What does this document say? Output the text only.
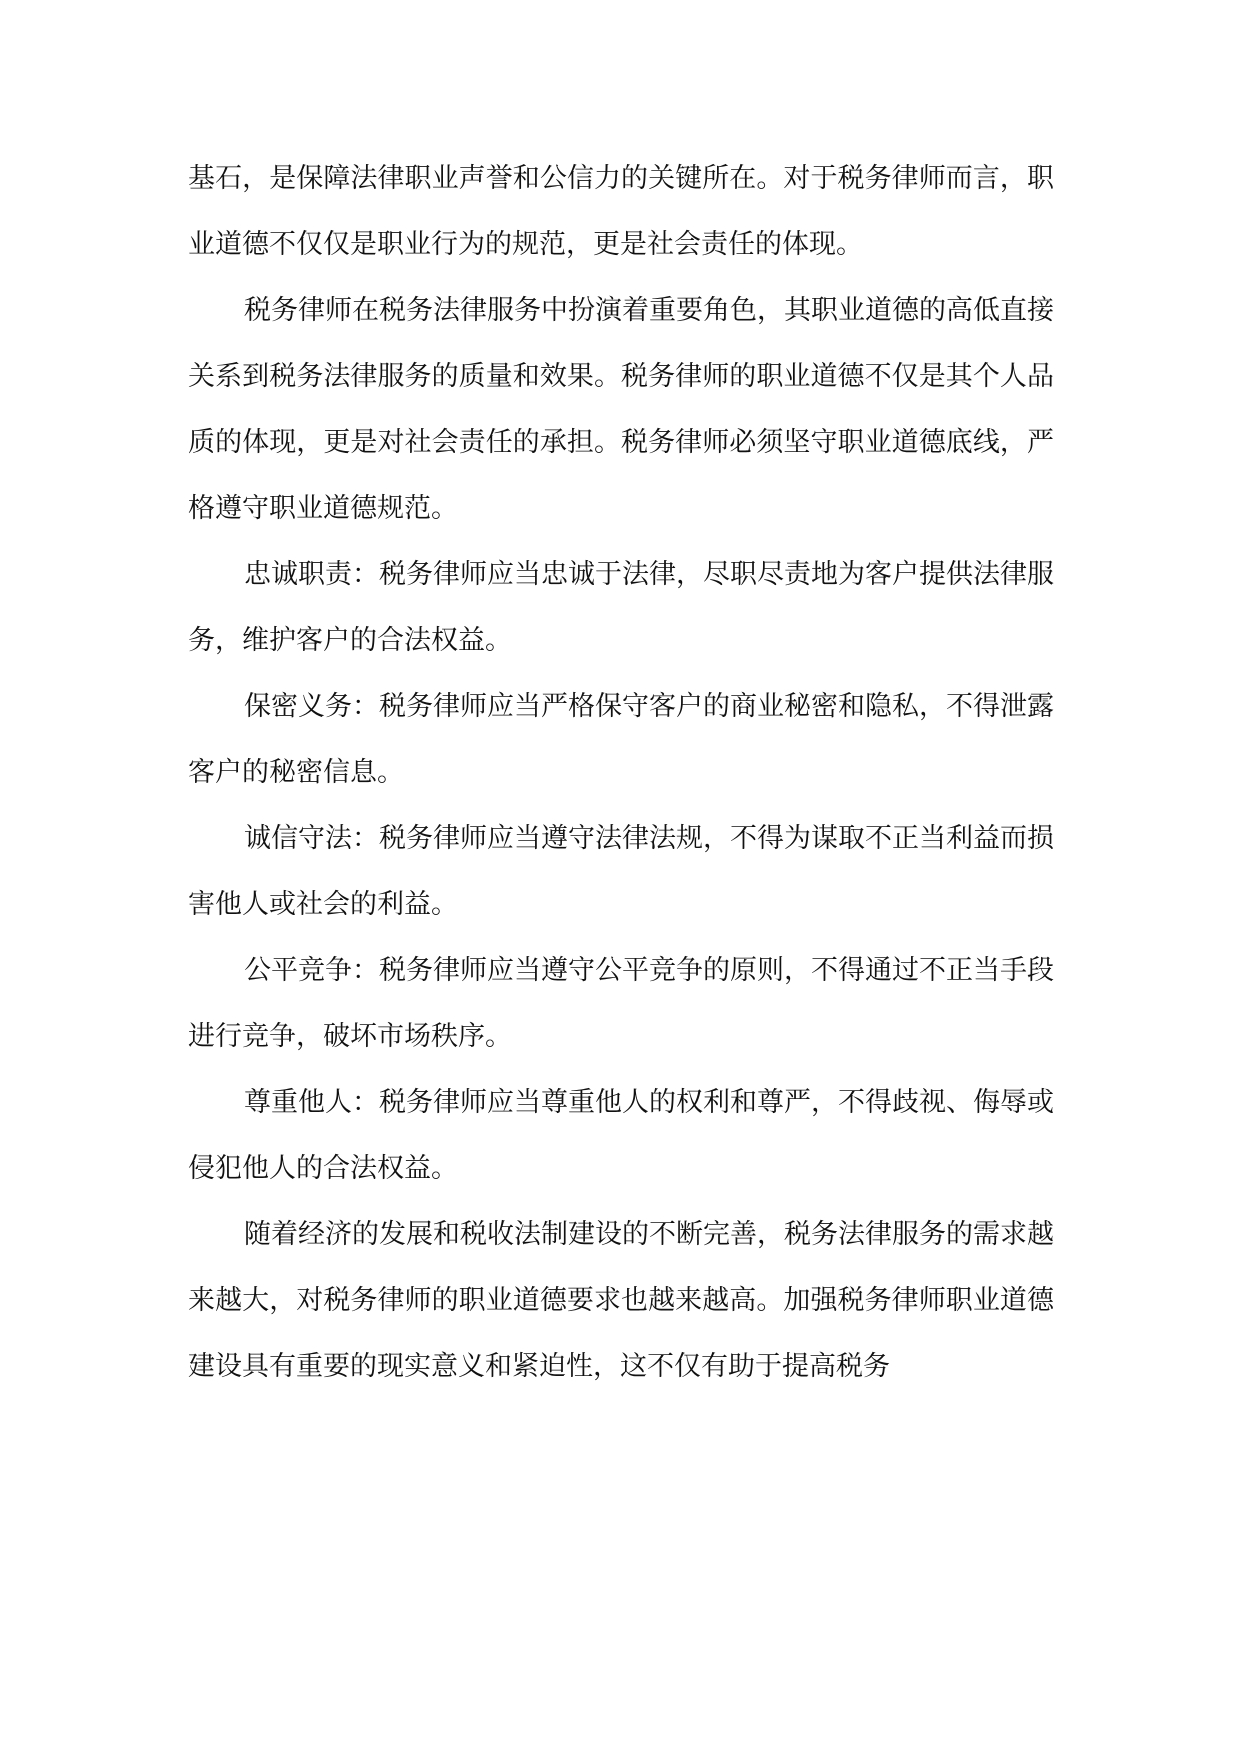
基石，是保障法律职业声誉和公信力的关键所在。对于税务律师而言，职业道德不仅仅是职业行为的规范，更是社会责任的体现。

税务律师在税务法律服务中扮演着重要角色，其职业道德的高低直接关系到税务法律服务的质量和效果。税务律师的职业道德不仅是其个人品质的体现，更是对社会责任的承担。税务律师必须坚守职业道德底线，严格遵守职业道德规范。

忠诚职责：税务律师应当忠诚于法律，尽职尽责地为客户提供法律服务，维护客户的合法权益。

保密义务：税务律师应当严格保守客户的商业秘密和隐私，不得泄露客户的秘密信息。

诚信守法：税务律师应当遵守法律法规，不得为谋取不正当利益而损害他人或社会的利益。

公平竞争：税务律师应当遵守公平竞争的原则，不得通过不正当手段进行竞争，破坏市场秩序。

尊重他人：税务律师应当尊重他人的权利和尊严，不得歧视、侮辱或侵犯他人的合法权益。

随着经济的发展和税收法制建设的不断完善，税务法律服务的需求越来越大，对税务律师的职业道德要求也越来越高。加强税务律师职业道德建设具有重要的现实意义和紧迫性，这不仅有助于提高税务
